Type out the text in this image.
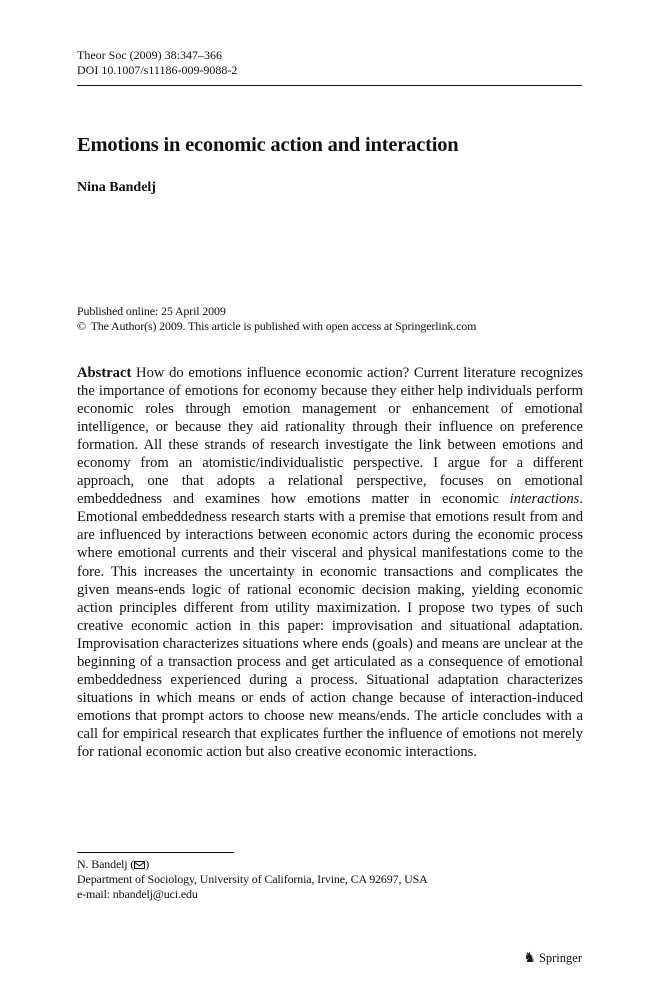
Theor Soc (2009) 38:347–366
DOI 10.1007/s11186-009-9088-2
Emotions in economic action and interaction
Nina Bandelj
Published online: 25 April 2009
© The Author(s) 2009. This article is published with open access at Springerlink.com
Abstract How do emotions influence economic action? Current literature recognizes the importance of emotions for economy because they either help individuals perform economic roles through emotion management or enhancement of emotional intelligence, or because they aid rationality through their influence on preference formation. All these strands of research investigate the link between emotions and economy from an atomistic/individualistic perspective. I argue for a different approach, one that adopts a relational perspective, focuses on emotional embeddedness and examines how emotions matter in economic interactions. Emotional embeddedness research starts with a premise that emotions result from and are influenced by interactions between economic actors during the economic process where emotional currents and their visceral and physical manifestations come to the fore. This increases the uncertainty in economic transactions and complicates the given means-ends logic of rational economic decision making, yielding economic action principles different from utility maximization. I propose two types of such creative economic action in this paper: improvisation and situational adaptation. Improvisation characterizes situations where ends (goals) and means are unclear at the beginning of a transaction process and get articulated as a consequence of emotional embeddedness experienced during a process. Situational adaptation characterizes situations in which means or ends of action change because of interaction-induced emotions that prompt actors to choose new means/ends. The article concludes with a call for empirical research that explicates further the influence of emotions not merely for rational economic action but also creative economic interactions.
N. Bandelj ( )
Department of Sociology, University of California, Irvine, CA 92697, USA
e-mail: nbandelj@uci.edu
♞ Springer
